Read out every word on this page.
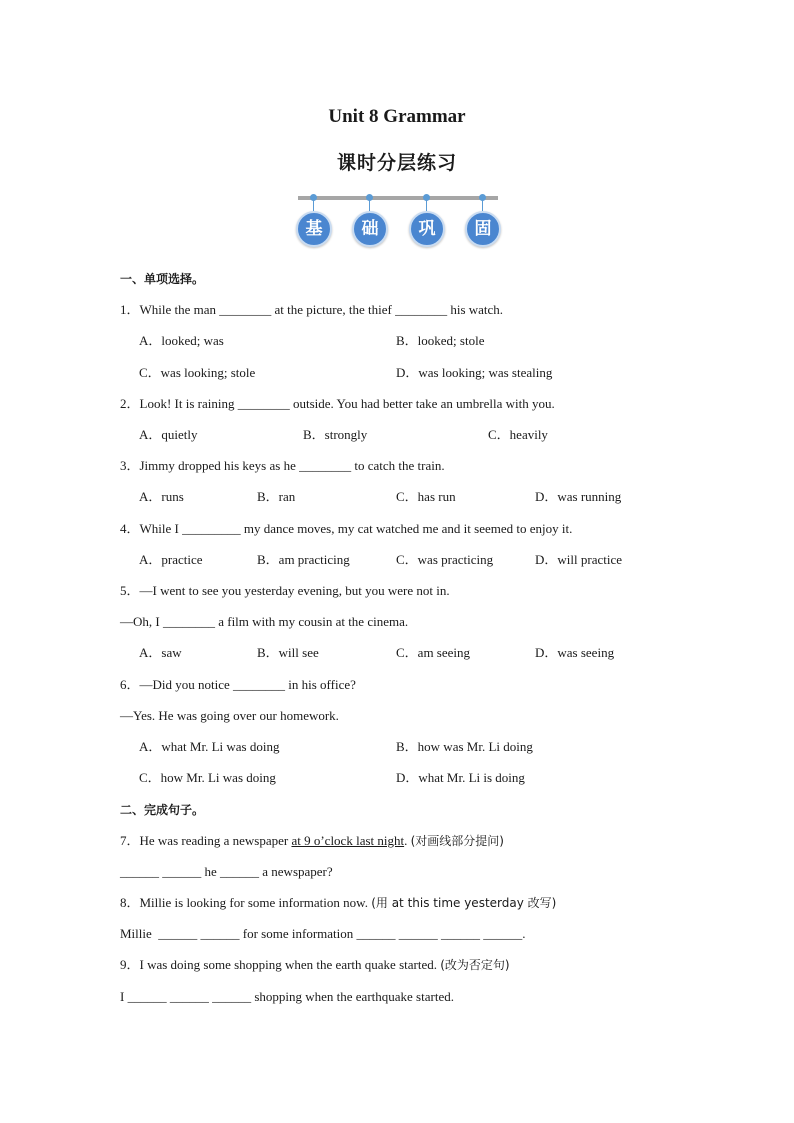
Unit 8 Grammar
课时分层练习
基	础	巩	固
一、单项选择。
1．While the man ________ at the picture, the thief ________ his watch.
A．looked; was	B．looked; stole
C．was looking; stole	D．was looking; was stealing
2．Look! It is raining ________ outside. You had better take an umbrella with you.
A．quietly	B．strongly	C．heavily
3．Jimmy dropped his keys as he ________ to catch the train.
A．runs	B．ran	C．has run	D．was running
4．While I _________ my dance moves, my cat watched me and it seemed to enjoy it.
A．practice	B．am practicing	C．was practicing	D．will practice
5．—I went to see you yesterday evening, but you were not in.
—Oh, I ________ a film with my cousin at the cinema.
A．saw	B．will see	C．am seeing	D．was seeing
6．—Did you notice ________ in his office?
—Yes. He was going over our homework.
A．what Mr. Li was doing	B．how was Mr. Li doing
C．how Mr. Li was doing	D．what Mr. Li is doing
二、完成句子。
7．He was reading a newspaper at 9 o’clock last night. (对画线部分提问)
______ ______ he ______ a newspaper?
8．Millie is looking for some information now. (用 at this time yesterday 改写)
Millie  ______ ______ for some information ______ ______ ______ ______.
9．I was doing some shopping when the earth quake started. (改为否定句)
I ______ ______ ______ shopping when the earthquake started.
